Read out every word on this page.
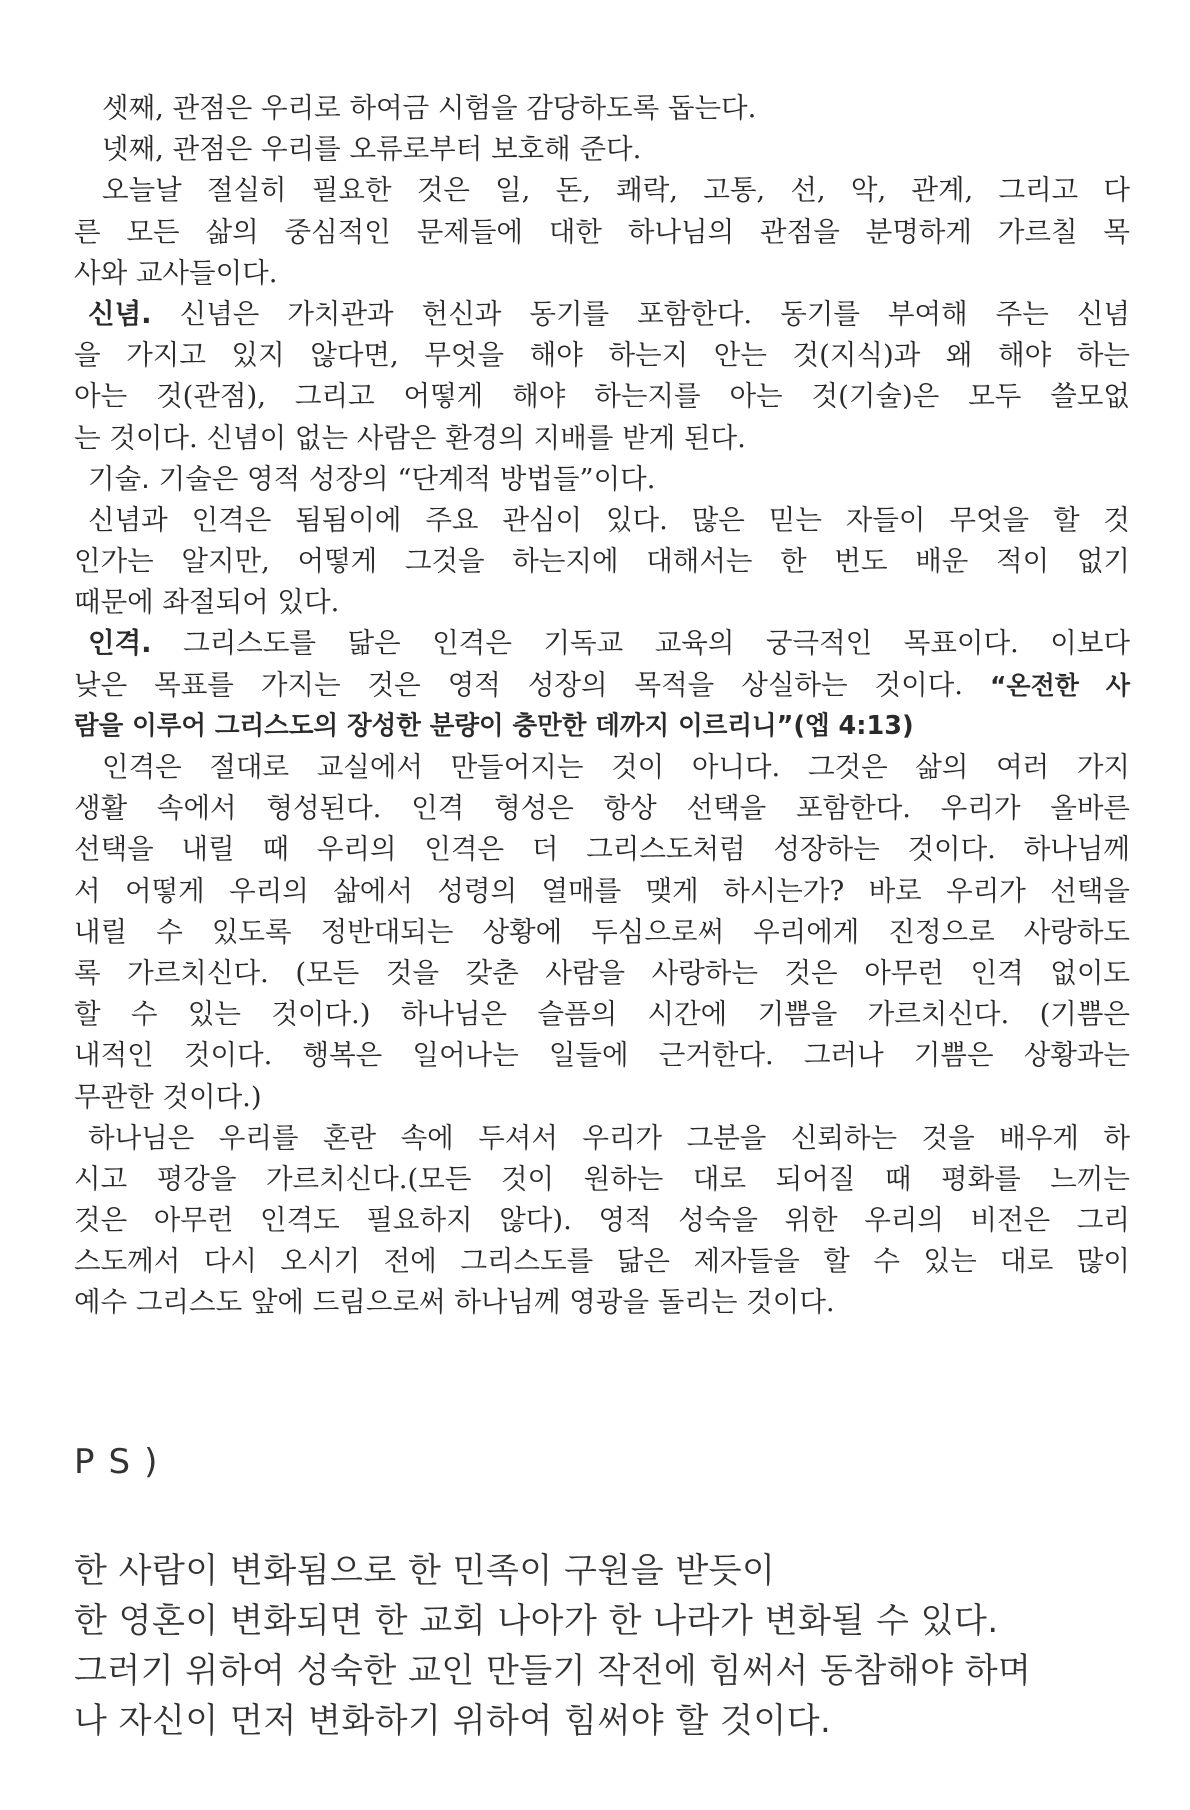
셋째, 관점은 우리로 하여금 시험을 감당하도록 돕는다.
넷째, 관점은 우리를 오류로부터 보호해 준다.
오늘날 절실히 필요한 것은 일, 돈, 쾌락, 고통, 선, 악, 관계, 그리고 다
른 모든 삶의 중심적인 문제들에 대한 하나님의 관점을 분명하게 가르칠 목
사와 교사들이다.
신념. 신념은 가치관과 헌신과 동기를 포함한다. 동기를 부여해 주는 신념
을 가지고 있지 않다면, 무엇을 해야 하는지 안는 것(지식)과 왜 해야 하는
아는 것(관점), 그리고 어떻게 해야 하는지를 아는 것(기술)은 모두 쓸모없
는 것이다. 신념이 없는 사람은 환경의 지배를 받게 된다.
기술. 기술은 영적 성장의 “단계적 방법들”이다.
신념과 인격은 됨됨이에 주요 관심이 있다. 많은 믿는 자들이 무엇을 할 것
인가는 알지만, 어떻게 그것을 하는지에 대해서는 한 번도 배운 적이 없기
때문에 좌절되어 있다.
인격. 그리스도를 닮은 인격은 기독교 교육의 궁극적인 목표이다. 이보다
낮은 목표를 가지는 것은 영적 성장의 목적을 상실하는 것이다. “온전한 사
람을 이루어 그리스도의 장성한 분량이 충만한 데까지 이르리니”(엡 4:13)
인격은 절대로 교실에서 만들어지는 것이 아니다. 그것은 삶의 여러 가지
생활 속에서 형성된다. 인격 형성은 항상 선택을 포함한다. 우리가 올바른
선택을 내릴 때 우리의 인격은 더 그리스도처럼 성장하는 것이다. 하나님께
서 어떻게 우리의 삶에서 성령의 열매를 맺게 하시는가? 바로 우리가 선택을
내릴 수 있도록 정반대되는 상황에 두심으로써 우리에게 진정으로 사랑하도
록 가르치신다. (모든 것을 갖춘 사람을 사랑하는 것은 아무런 인격 없이도
할 수 있는 것이다.) 하나님은 슬픔의 시간에 기쁨을 가르치신다. (기쁨은
내적인 것이다. 행복은 일어나는 일들에 근거한다. 그러나 기쁨은 상황과는
무관한 것이다.)
하나님은 우리를 혼란 속에 두셔서 우리가 그분을 신뢰하는 것을 배우게 하
시고 평강을 가르치신다.(모든 것이 원하는 대로 되어질 때 평화를 느끼는
것은 아무런 인격도 필요하지 않다). 영적 성숙을 위한 우리의 비전은 그리
스도께서 다시 오시기 전에 그리스도를 닮은 제자들을 할 수 있는 대로 많이
예수 그리스도 앞에 드림으로써 하나님께 영광을 돌리는 것이다.
PS)
한 사람이 변화됨으로 한 민족이 구원을 받듯이
한 영혼이 변화되면 한 교회 나아가 한 나라가 변화될 수 있다.
그러기 위하여 성숙한 교인 만들기 작전에 힘써서 동참해야 하며
나 자신이 먼저 변화하기 위하여 힘써야 할 것이다.
